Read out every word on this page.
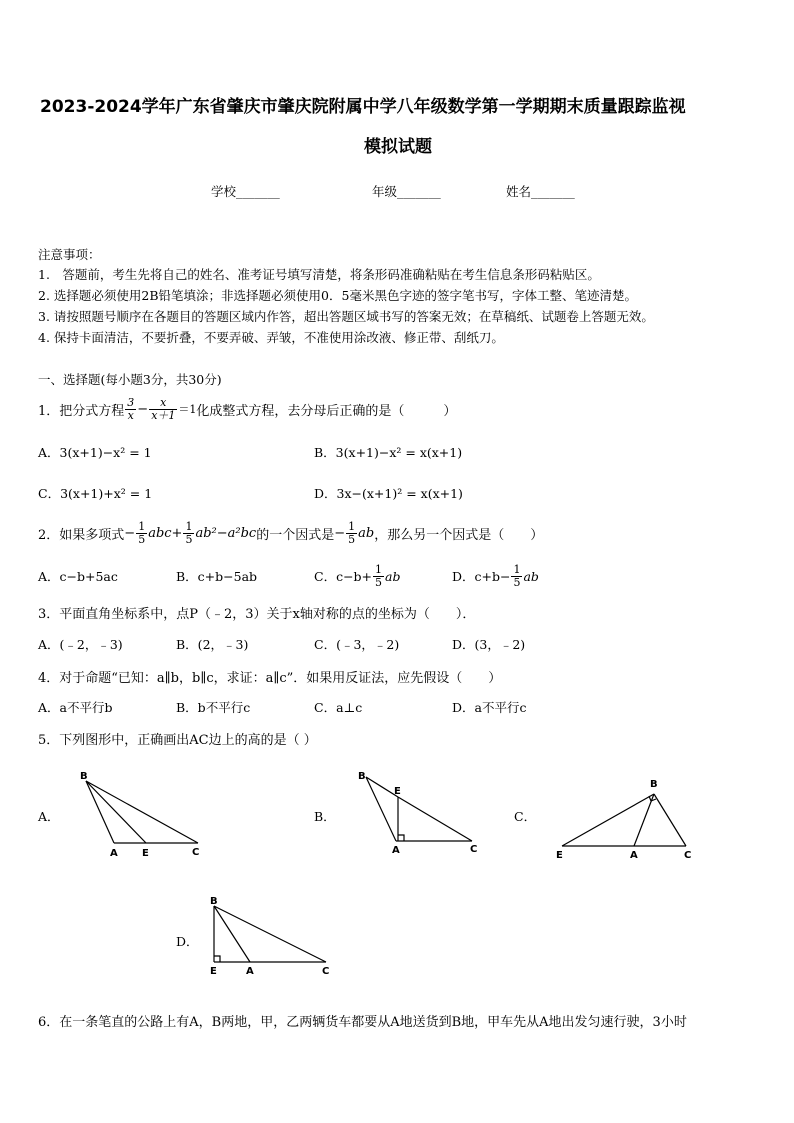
2023-2024学年广东省肇庆市肇庆院附属中学八年级数学第一学期期末质量跟踪监视
模拟试题
学校_______	年级_______	姓名_______
注意事项：
1.　答题前，考生先将自己的姓名、准考证号填写清楚，将条形码准确粘贴在考生信息条形码粘贴区。
2. 选择题必须使用2B铅笔填涂；非选择题必须使用0．5毫米黑色字迹的签字笔书写，字体工整、笔迹清楚。
3. 请按照题号顺序在各题目的答题区域内作答，超出答题区域书写的答案无效；在草稿纸、试题卷上答题无效。
4. 保持卡面清洁，不要折叠，不要弄破、弄皱，不准使用涂改液、修正带、刮纸刀。
一、选择题(每小题3分，共30分)
1．把分式方程 $\frac{3}{x} - \frac{x}{x+1} =1$ 化成整式方程，去分母后正确的是（　　　）
A．3(x+1)−x² = 1	B．3(x+1)−x² = x(x+1)
C．3(x+1)+x² = 1	D．3x−(x+1)² = x(x+1)
2．如果多项式 − $\frac{1}{5}$ abc + $\frac{1}{5} ab^2 -a^2bc$ 的一个因式是 − $\frac{1}{5}$ ab ，那么另一个因式是（　　）
A．c−b+5ac	B．c+b−5ab	C．$c-b+ \frac{1}{5}$ ab	D．$c+b- \frac{1}{5}$ ab
3．平面直角坐标系中，点P（﹣2，3）关于x轴对称的点的坐标为（　　）．
A．(﹣2，﹣3)	B．(2，﹣3)	C．(﹣3，﹣2)	D．(3，﹣2)
4．对于命题“已知：a∥b，b∥c，求证：a∥c”．如果用反证法，应先假设（　　）
A．a不平行b	B．b不平行c	C．a⊥c	D．a不平行c
5．下列图形中，正确画出AC边上的高的是（ ）
A．	B．	C．
D．
B
A E	C
B
E
A	C
B
E	A	C
B
E	A	C
6．在一条笔直的公路上有A，B两地，甲，乙两辆货车都要从A地送货到B地，甲车先从A地出发匀速行驶，3小时
